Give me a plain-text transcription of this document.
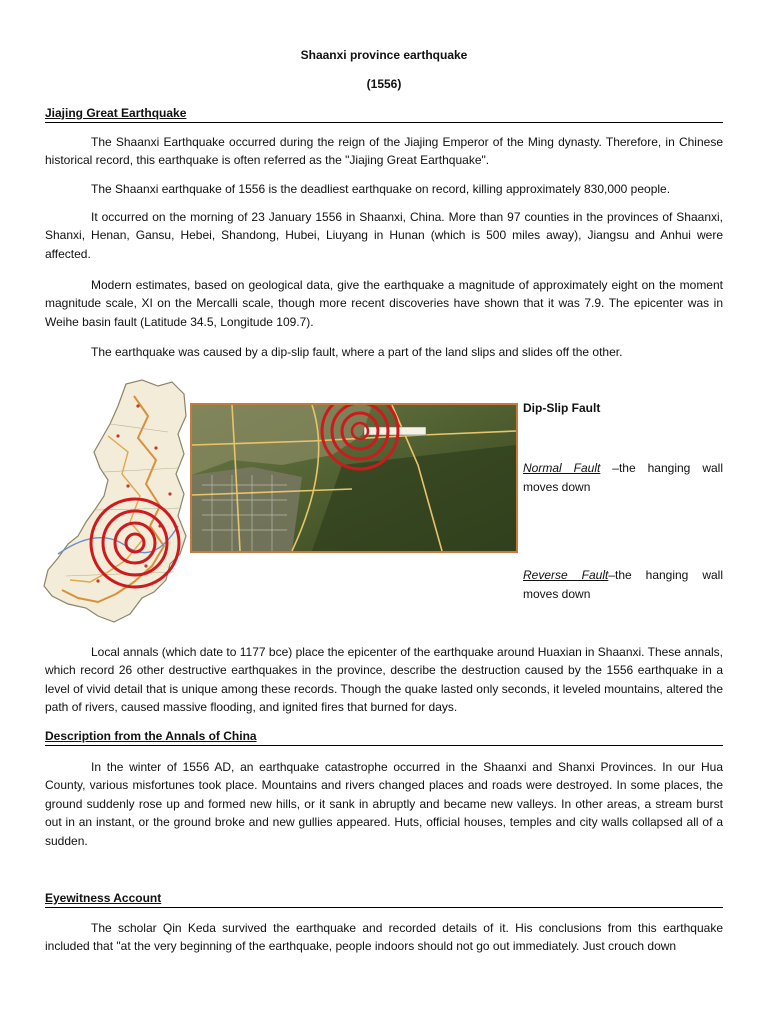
Shaanxi province earthquake
(1556)
Jiajing Great Earthquake

The Shaanxi Earthquake occurred during the reign of the Jiajing Emperor of the Ming dynasty. Therefore, in Chinese historical record, this earthquake is often referred as the "Jiajing Great Earthquake".

The Shaanxi earthquake of 1556 is the deadliest earthquake on record, killing approximately 830,000 people.

It occurred on the morning of 23 January 1556 in Shaanxi, China. More than 97 counties in the provinces of Shaanxi, Shanxi, Henan, Gansu, Hebei, Shandong, Hubei, Liuyang in Hunan (which is 500 miles away), Jiangsu and Anhui were affected.

Modern estimates, based on geological data, give the earthquake a magnitude of approximately eight on the moment magnitude scale, XI on the Mercalli scale, though more recent discoveries have shown that it was 7.9. The epicenter was in Weihe basin fault (Latitude 34.5, Longitude 109.7).

The earthquake was caused by a dip-slip fault, where a part of the land slips and slides off the other.

Dip-Slip Fault
Normal Fault –the hanging wall moves down
Reverse Fault–the hanging wall moves down

Local annals (which date to 1177 bce) place the epicenter of the earthquake around Huaxian in Shaanxi. These annals, which record 26 other destructive earthquakes in the province, describe the destruction caused by the 1556 earthquake in a level of vivid detail that is unique among these records. Though the quake lasted only seconds, it leveled mountains, altered the path of rivers, caused massive flooding, and ignited fires that burned for days.

Description from the Annals of China

In the winter of 1556 AD, an earthquake catastrophe occurred in the Shaanxi and Shanxi Provinces. In our Hua County, various misfortunes took place. Mountains and rivers changed places and roads were destroyed. In some places, the ground suddenly rose up and formed new hills, or it sank in abruptly and became new valleys. In other areas, a stream burst out in an instant, or the ground broke and new gullies appeared. Huts, official houses, temples and city walls collapsed all of a sudden.

Eyewitness Account

The scholar Qin Keda survived the earthquake and recorded details of it. His conclusions from this earthquake included that "at the very beginning of the earthquake, people indoors should not go out immediately. Just crouch down
